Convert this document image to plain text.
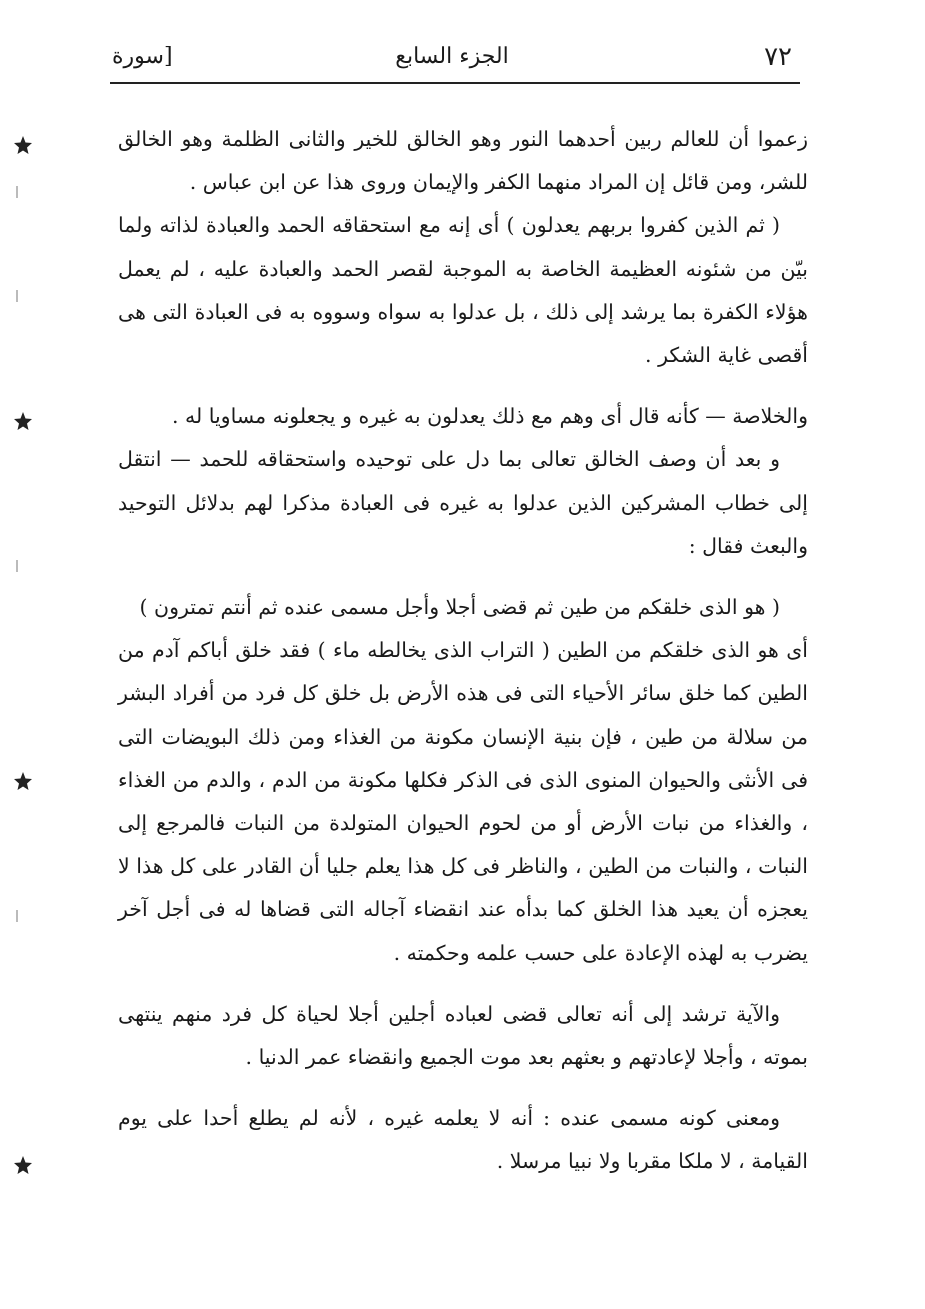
٧٢
الجزء السابع
[سورة

زعموا أن للعالم ربين أحدهما النور وهو الخالق للخير والثانى الظلمة وهو الخالق للشر، ومن قائل إن المراد منهما الكفر والإيمان وروى هذا عن ابن عباس .

( ثم الذين كفروا بربهم يعدلون ) أى إنه مع استحقاقه الحمد والعبادة لذاته ولما بيّن من شئونه العظيمة الخاصة به الموجبة لقصر الحمد والعبادة عليه ، لم يعمل هؤلاء الكفرة بما يرشد إلى ذلك ، بل عدلوا به سواه وسووه به فى العبادة التى هى أقصى غاية الشكر .

والخلاصة — كأنه قال أى وهم مع ذلك يعدلون به غيره و يجعلونه مساويا له .

و بعد أن وصف الخالق تعالى بما دل على توحيده واستحقاقه للحمد — انتقل إلى خطاب المشركين الذين عدلوا به غيره فى العبادة مذكرا لهم بدلائل التوحيد والبعث فقال :

( هو الذى خلقكم من طين ثم قضى أجلا وأجل مسمى عنده ثم أنتم تمترون )

أى هو الذى خلقكم من الطين ( التراب الذى يخالطه ماء ) فقد خلق أباكم آدم من الطين كما خلق سائر الأحياء التى فى هذه الأرض بل خلق كل فرد من أفراد البشر من سلالة من طين ، فإن بنية الإنسان مكونة من الغذاء ومن ذلك البويضات التى فى الأنثى والحيوان المنوى الذى فى الذكر فكلها مكونة من الدم ، والدم من الغذاء ، والغذاء من نبات الأرض أو من لحوم الحيوان المتولدة من النبات فالمرجع إلى النبات ، والنبات من الطين ، والناظر فى كل هذا يعلم جليا أن القادر على كل هذا لا يعجزه أن يعيد هذا الخلق كما بدأه عند انقضاء آجاله التى قضاها له فى أجل آخر يضرب به لهذه الإعادة على حسب علمه وحكمته .

والآية ترشد إلى أنه تعالى قضى لعباده أجلين أجلا لحياة كل فرد منهم ينتهى بموته ، وأجلا لإعادتهم و بعثهم بعد موت الجميع وانقضاء عمر الدنيا .

ومعنى كونه مسمى عنده : أنه لا يعلمه غيره ، لأنه لم يطلع أحدا على يوم القيامة ، لا ملكا مقربا ولا نبيا مرسلا .
